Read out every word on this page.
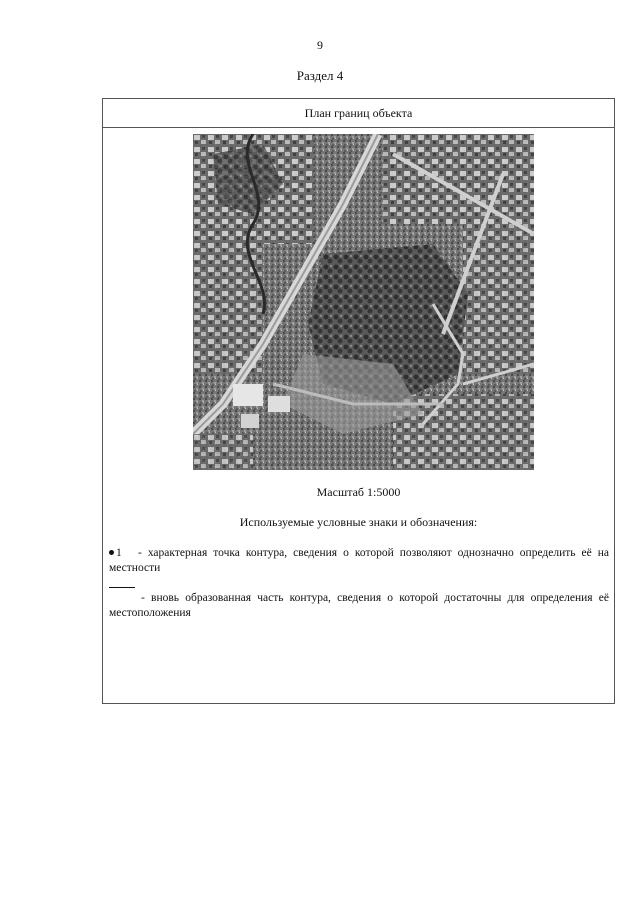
9
Раздел 4
План границ объекта
Масштаб 1:5000
Используемые условные знаки и обозначения:
1 - характерная точка контура, сведения о которой позволяют однозначно определить её на местности
- вновь образованная часть контура, сведения о которой достаточны для определения её местоположения
